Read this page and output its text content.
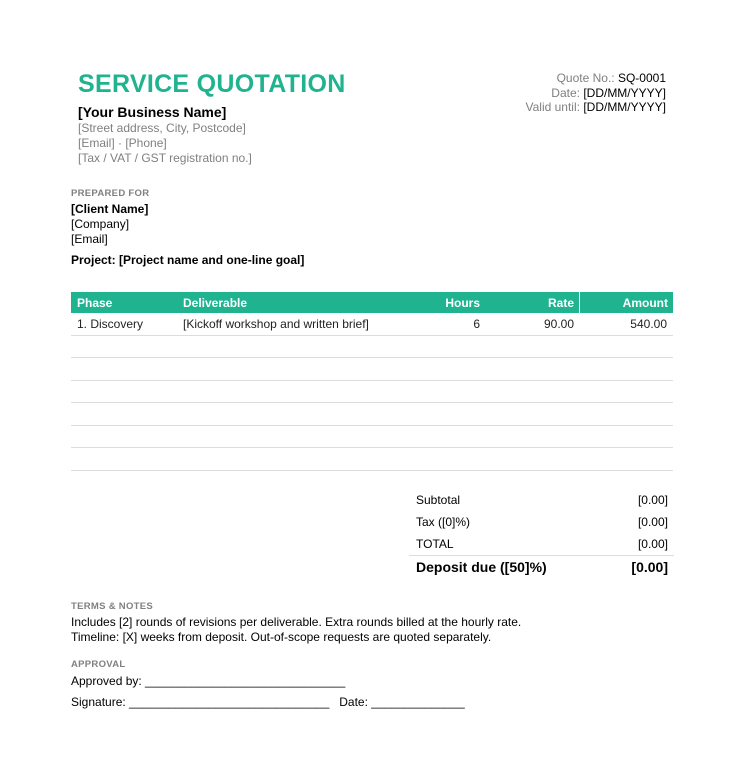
SERVICE QUOTATION
[Your Business Name]
[Street address, City, Postcode]
[Email] · [Phone]
[Tax / VAT / GST registration no.]
Quote No.: SQ-0001
Date: [DD/MM/YYYY]
Valid until: [DD/MM/YYYY]
PREPARED FOR
[Client Name]
[Company]
[Email]
Project: [Project name and one-line goal]
Phase	Deliverable	Hours	Rate	Amount
1. Discovery	[Kickoff workshop and written brief]	6	90.00	540.00
Subtotal	[0.00]
Tax ([0]%)	[0.00]
TOTAL	[0.00]
Deposit due ([50]%)	[0.00]
TERMS & NOTES
Includes [2] rounds of revisions per deliverable. Extra rounds billed at the hourly rate.
Timeline: [X] weeks from deposit. Out-of-scope requests are quoted separately.
APPROVAL
Approved by: ______________________________
Signature: ______________________________   Date: ______________
